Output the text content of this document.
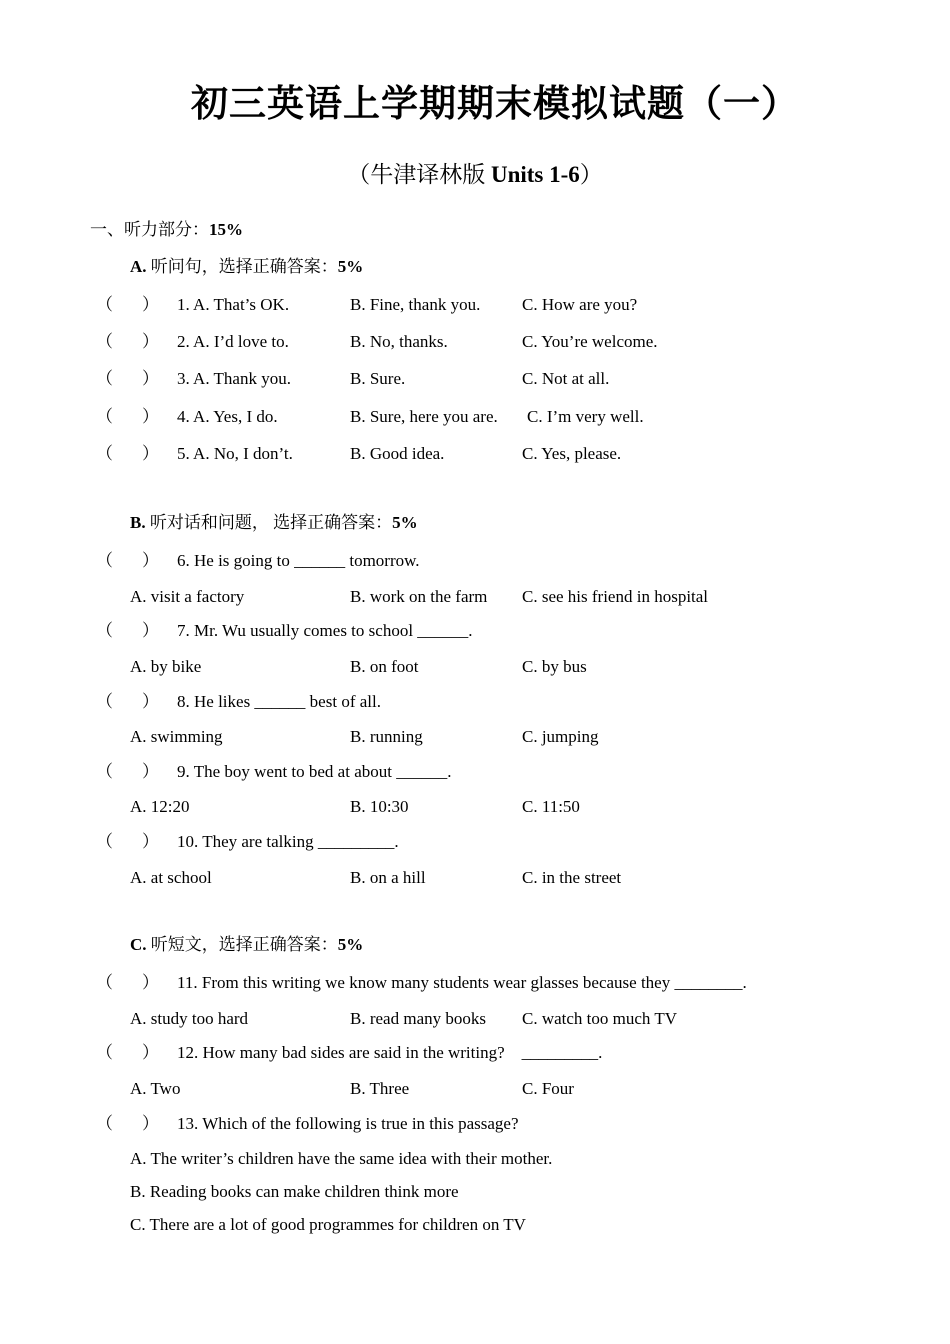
初三英语上学期期末模拟试题（一）
（牛津译林版 Units 1-6）
一、听力部分：15%
A. 听问句，选择正确答案：5%
（ ） 1. A. That’s OK.	B. Fine, thank you. C. How are you?
（ ） 2. A. I’d love to.	B. No, thanks.	C. You’re welcome.
（ ） 3. A. Thank you.	B. Sure.	C. Not at all.
（ ） 4. A. Yes, I do.	B. Sure, here you are. C. I’m very well.
（ ） 5. A. No, I don’t.	B. Good idea.	C. Yes, please.
B. 听对话和问题， 选择正确答案：5%
（ ） 6. He is going to ______ tomorrow.
A. visit a factory	B. work on the farm C. see his friend in hospital
（ ） 7. Mr. Wu usually comes to school ______.
A. by bike	B. on foot	C. by bus
（ ） 8. He likes ______ best of all.
A. swimming	B. running	C. jumping
（ ） 9. The boy went to bed at about ______.
A. 12:20	B. 10:30	C. 11:50
（ ） 10. They are talking _________.
A. at school	B. on a hill	C. in the street
C. 听短文，选择正确答案：5%
（ ） 11. From this writing we know many students wear glasses because they ________.
A. study too hard	B. read many books C. watch too much TV
（ ） 12. How many bad sides are said in the writing?    _________.
A. Two	B. Three	C. Four
（ ） 13. Which of the following is true in this passage?
A. The writer’s children have the same idea with their mother.
B. Reading books can make children think more
C. There are a lot of good programmes for children on TV
